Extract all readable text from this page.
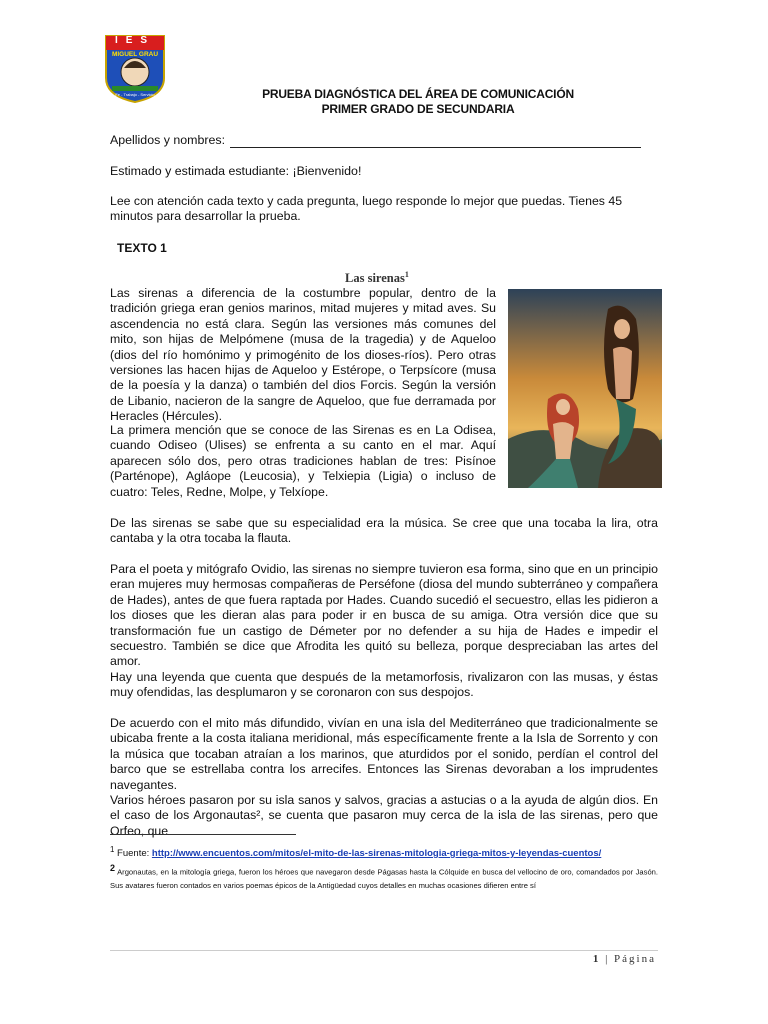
IES
MIGUEL GRAU
Fe - Trabajo - Servicio	PRUEBA DIAGNÓSTICA DEL ÁREA DE COMUNICACIÓN
PRIMER GRADO DE SECUNDARIA
Apellidos y nombres:
Estimado y estimada estudiante: ¡Bienvenido!
Lee con atención cada texto y cada pregunta, luego responde lo mejor que puedas. Tienes 45 minutos para desarrollar la prueba.
TEXTO 1
Las sirenas$^1$
Las sirenas a diferencia de la costumbre popular, dentro de la tradición griega eran genios marinos, mitad mujeres y mitad aves. Su ascendencia no está clara. Según las versiones más comunes del mito, son hijas de Melpómene (musa de la tragedia) y de Aqueloo (dios del río homónimo y primogénito de los dioses-ríos). Pero otras versiones las hacen hijas de Aqueloo y Estérope, o Terpsícore (musa de la poesía y la danza) o también del dios Forcis. Según la versión de Libanio, nacieron de la sangre de Aqueloo, que fue derramada por Heracles (Hércules).
La primera mención que se conoce de las Sirenas es en La Odisea, cuando Odiseo (Ulises) se enfrenta a su canto en el mar. Aquí aparecen sólo dos, pero otras tradiciones hablan de tres: Pisínoe (Parténope), Agláope (Leucosia), y Telxiepia (Ligia) o incluso de cuatro: Teles, Redne, Molpe, y Telxíope.
De las sirenas se sabe que su especialidad era la música. Se cree que una tocaba la lira, otra cantaba y la otra tocaba la flauta.
Para el poeta y mitógrafo Ovidio, las sirenas no siempre tuvieron esa forma, sino que en un principio eran mujeres muy hermosas compañeras de Perséfone (diosa del mundo subterráneo y compañera de Hades), antes de que fuera raptada por Hades. Cuando sucedió el secuestro, ellas les pidieron a los dioses que les dieran alas para poder ir en busca de su amiga. Otra versión dice que su transformación fue un castigo de Démeter por no defender a su hija de Hades e impedir el secuestro. También se dice que Afrodita les quitó su belleza, porque despreciaban las artes del amor.
Hay una leyenda que cuenta que después de la metamorfosis, rivalizaron con las musas, y éstas muy ofendidas, las desplumaron y se coronaron con sus despojos.
De acuerdo con el mito más difundido, vivían en una isla del Mediterráneo que tradicionalmente se ubicaba frente a la costa italiana meridional, más específicamente frente a la Isla de Sorrento y con la música que tocaban atraían a los marinos, que aturdidos por el sonido, perdían el control del barco que se estrellaba contra los arrecifes. Entonces las Sirenas devoraban a los imprudentes navegantes.
Varios héroes pasaron por su isla sanos y salvos, gracias a astucias o a la ayuda de algún dios. En el caso de los Argonautas², se cuenta que pasaron muy cerca de la isla de las sirenas, pero que Orfeo, que
$^1$ Fuente: http://www.encuentos.com/mitos/el-mito-de-las-sirenas-mitologia-griega-mitos-y-leyendas-cuentos/
$^2$ Argonautas, en la mitología griega, fueron los héroes que navegaron desde Págasas hasta la Cólquide en busca del vellocino de oro, comandados por Jasón. Sus avatares fueron contados en varios poemas épicos de la Antigüedad cuyos detalles en muchas ocasiones difieren entre sí
1 | Página
